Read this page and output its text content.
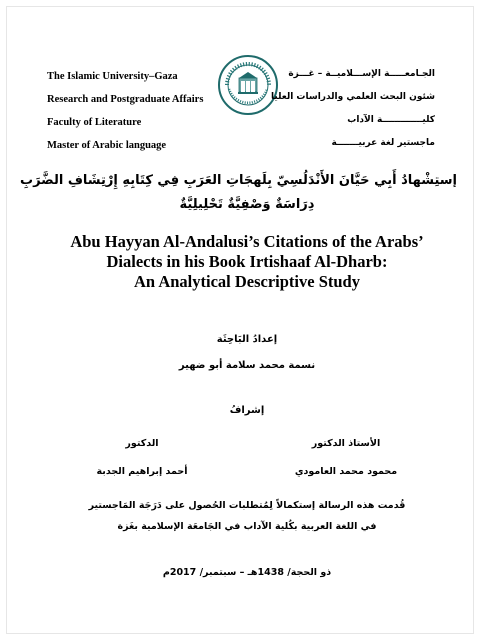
The Islamic University–Gaza
Research and Postgraduate Affairs
Faculty of Literature
Master of Arabic language
الجـامعـــــة الإســـلاميــة – غـــزة
شئون البحث العلمي والدراسات العليا
كليـــــــــــــة الآداب
ماجستير لغة عربيـــــــة
إستِشْهادُ أَبِي حَيَّانَ الأَنْدَلُسِيّ بِلَهجَاتِ العَرَبِ فِي كِتَابِهِ إِرْتِشَافِ الضَّرَبِ
دِرَاسَةٌ وَصْفِيَّةٌ تَحْلِيلِيَّةٌ
Abu Hayyan Al-Andalusi’s Citations of the Arabs’
Dialects in his Book Irtishaaf Al-Dharb:
An Analytical Descriptive Study
إعدادُ البَاحِثَة
نسمة محمد سلامة أبو ضهير
إشرافُ
الأستاذ الدكتور
محمود محمد العامودي
الدكتور
أحمد إبراهيم الجدبة
قُدمت هذه الرسالة إستكمالاً لِمُتطلبات الحُصول على دَرَجَة المَاجستير
في اللغة العربية بكُلية الآداب في الجَامعَة الإسلامية بغَزة
ذو الحجة/ 1438هـ – سبتمبر/ 2017م
